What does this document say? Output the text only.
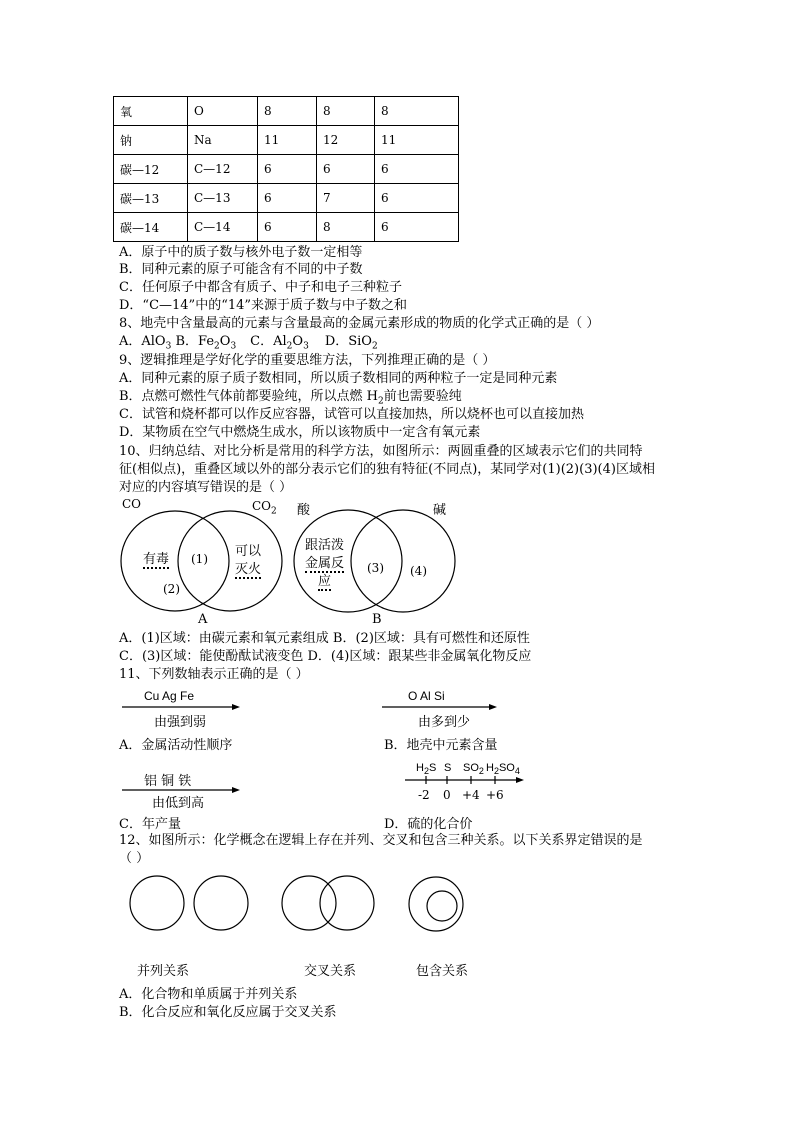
氧	O	8	8	8
钠	Na	11	12	11
碳—12	C—12	6	6	6
碳—13	C—13	6	7	6
碳—14	C—14	6	8	6
A．原子中的质子数与核外电子数一定相等
B．同种元素的原子可能含有不同的中子数
C．任何原子中都含有质子、中子和电子三种粒子
D．“C—14”中的“14”来源于质子数与中子数之和
8、地壳中含量最高的元素与含量最高的金属元素形成的物质的化学式正确的是（ ）
A．AlO$_3$ B．$Fe_2O_3$ C．$Al_2O_3$ D．SiO$_2$
9、逻辑推理是学好化学的重要思维方法，下列推理正确的是（ ）
A．同种元素的原子质子数相同，所以质子数相同的两种粒子一定是同种元素
B．点燃可燃性气体前都要验纯，所以点燃 $H_2$前也需要验纯
C．试管和烧杯都可以作反应容器，试管可以直接加热，所以烧杯也可以直接加热
D．某物质在空气中燃烧生成水，所以该物质中一定含有氧元素
10、归纳总结、对比分析是常用的科学方法，如图所示：两圆重叠的区域表示它们的共同特
征(相似点)，重叠区域以外的部分表示它们的独有特征(不同点)，某同学对(1)(2)(3)(4)区域相
对应的内容填写错误的是（ ）
CO	$CO_2$
有毒 (1) 可以
灭火
(2)
A
酸	碱
跟活泼
金属反
应
(3) (4)
B
A．(1)区域：由碳元素和氧元素组成 B．(2)区域：具有可燃性和还原性
C．(3)区域：能使酚酞试液变色 D．(4)区域：跟某些非金属氧化物反应
11、下列数轴表示正确的是（ ）
Cu Ag Fe
由强到弱
A．金属活动性顺序
O Al Si
由多到少
B．地壳中元素含量
铝 铜 铁
由低到高
C．年产量
$H_2S$ S $SO_2$ $H_2SO_4$
-2 0 +4 +6
D．硫的化合价
12、如图所示：化学概念在逻辑上存在并列、交叉和包含三种关系。以下关系界定错误的是
（ ）
并列关系	交叉关系	包含关系
A．化合物和单质属于并列关系
B．化合反应和氧化反应属于交叉关系
